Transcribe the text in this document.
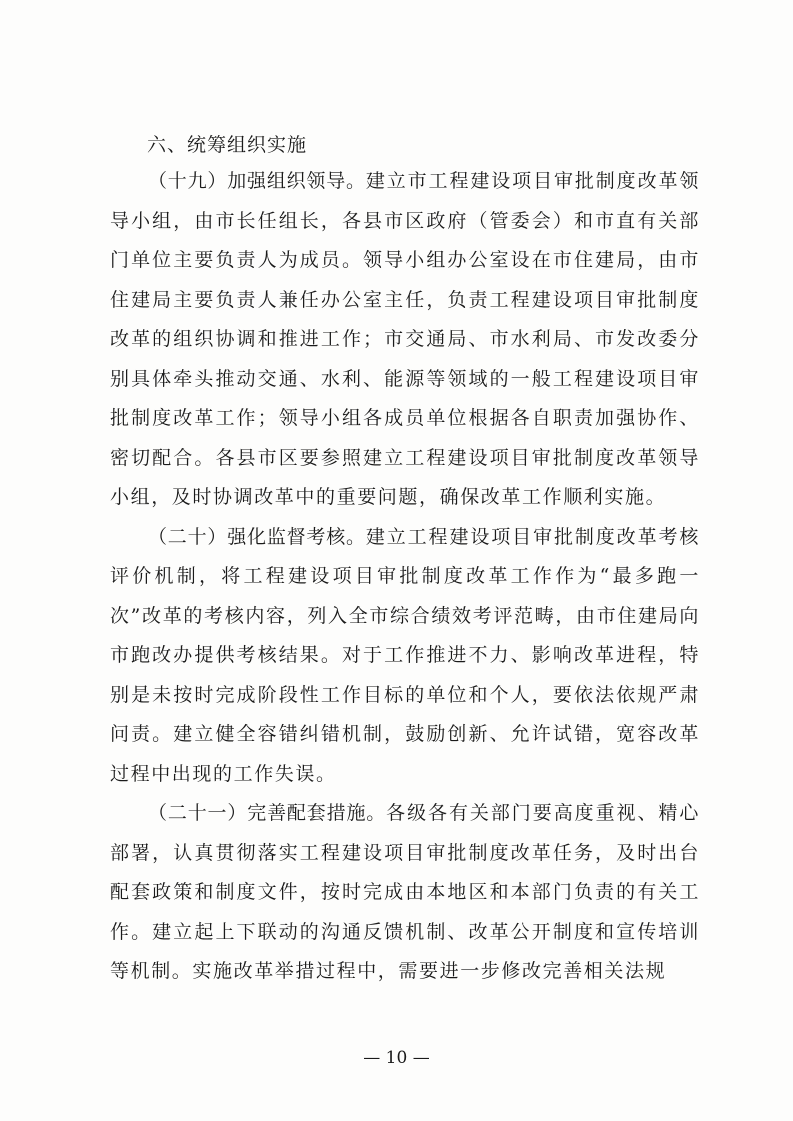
六、统筹组织实施

（十九）加强组织领导。建立市工程建设项目审批制度改革领导小组，由市长任组长，各县市区政府（管委会）和市直有关部门单位主要负责人为成员。领导小组办公室设在市住建局，由市住建局主要负责人兼任办公室主任，负责工程建设项目审批制度改革的组织协调和推进工作；市交通局、市水利局、市发改委分别具体牵头推动交通、水利、能源等领域的一般工程建设项目审批制度改革工作；领导小组各成员单位根据各自职责加强协作、密切配合。各县市区要参照建立工程建设项目审批制度改革领导小组，及时协调改革中的重要问题，确保改革工作顺利实施。

（二十）强化监督考核。建立工程建设项目审批制度改革考核评价机制，将工程建设项目审批制度改革工作作为“最多跑一次”改革的考核内容，列入全市综合绩效考评范畴，由市住建局向市跑改办提供考核结果。对于工作推进不力、影响改革进程，特别是未按时完成阶段性工作目标的单位和个人，要依法依规严肃问责。建立健全容错纠错机制，鼓励创新、允许试错，宽容改革过程中出现的工作失误。

（二十一）完善配套措施。各级各有关部门要高度重视、精心部署，认真贯彻落实工程建设项目审批制度改革任务，及时出台配套政策和制度文件，按时完成由本地区和本部门负责的有关工作。建立起上下联动的沟通反馈机制、改革公开制度和宣传培训等机制。实施改革举措过程中，需要进一步修改完善相关法规

— 10 —
